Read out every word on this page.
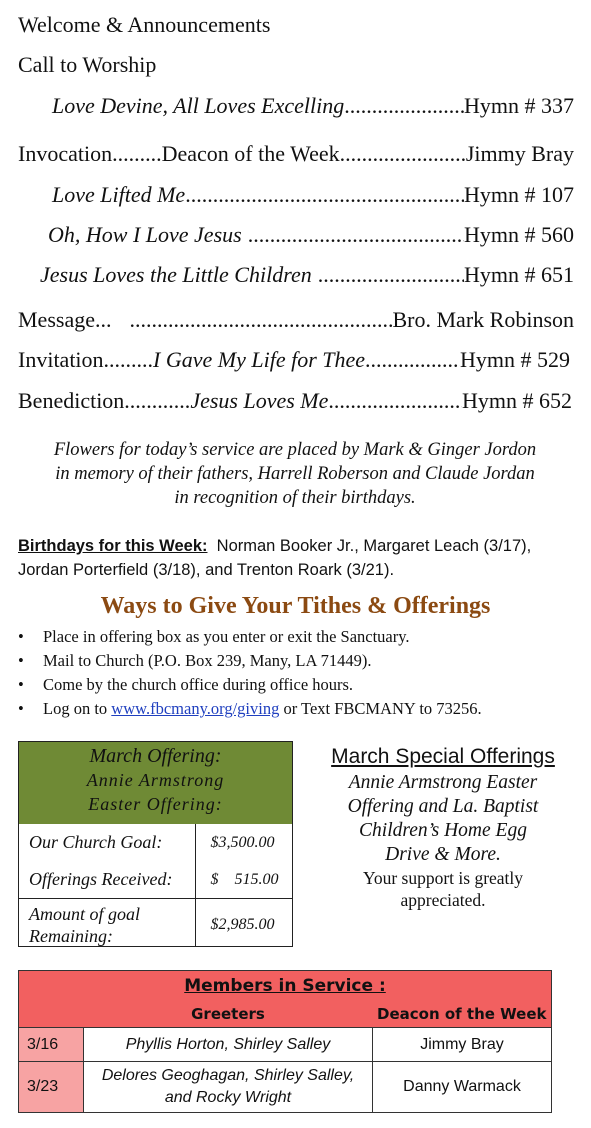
Welcome & Announcements
Call to Worship
Love Devine, All Loves Excelling .....	Hymn # 337
Invocation......... Deacon of the Week .....	Jimmy Bray
Love Lifted Me .....	Hymn # 107
Oh, How I Love Jesus .....	Hymn # 560
Jesus Loves the Little Children .....	Hymn # 651
Message... .....	Bro. Mark Robinson
Invitation......... I Gave My Life for Thee .....	Hymn # 529
Benediction............ Jesus Loves Me .....	Hymn # 652
Flowers for today’s service are placed by Mark & Ginger Jordon
in memory of their fathers, Harrell Roberson and Claude Jordan
in recognition of their birthdays.
Birthdays for this Week: Norman Booker Jr., Margaret Leach (3/17),
Jordan Porterfield (3/18), and Trenton Roark (3/21).
Ways to Give Your Tithes & Offerings
• Place in offering box as you enter or exit the Sanctuary.
• Mail to Church (P.O. Box 239, Many, LA 71449).
• Come by the church office during office hours.
• Log on to www.fbcmany.org/giving or Text FBCMANY to 73256.
March Offering:
Annie Armstrong
Easter Offering:
Our Church Goal:	$3,500.00
Offerings Received:	$    515.00

Amount of goal
Remaining:	$2,985.00
March Special Offerings
Annie Armstrong Easter
Offering and La. Baptist
Children’s Home Egg
Drive & More.
Your support is greatly
appreciated.
Members in Service :		
	Greeters	Deacon of the Week
3/16	Phyllis Horton, Shirley Salley	Jimmy Bray
3/23	Delores Geoghagan, Shirley Salley,
and Rocky Wright	Danny Warmack
